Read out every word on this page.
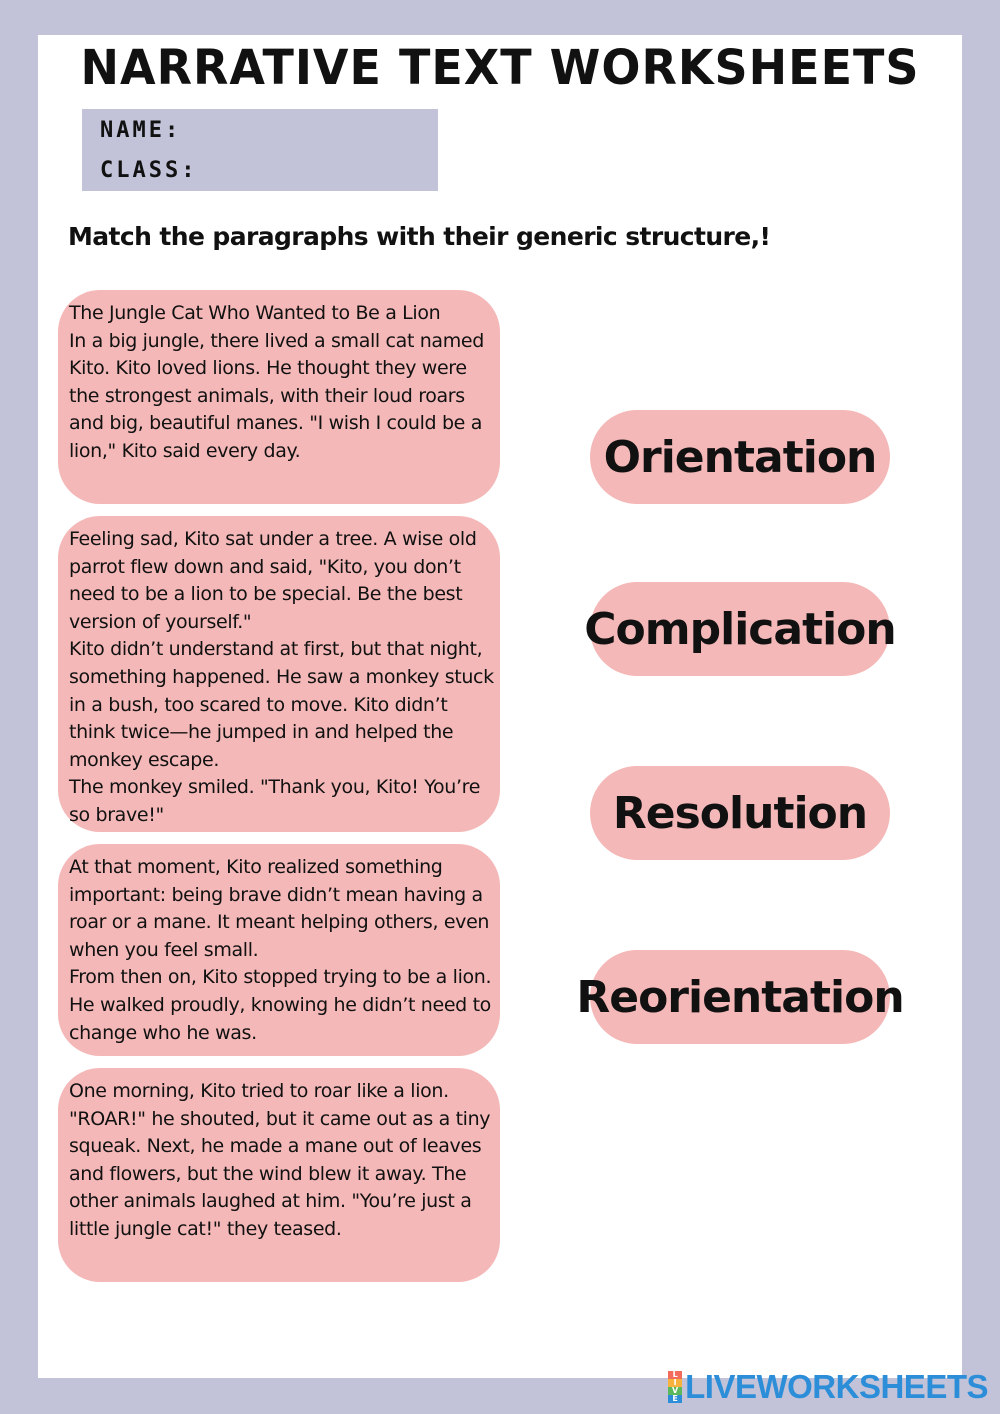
NARRATIVE TEXT WORKSHEETS
NAME:
CLASS:
Match the paragraphs with their generic structure,!
The Jungle Cat Who Wanted to Be a Lion
In a big jungle, there lived a small cat named Kito. Kito loved lions. He thought they were the strongest animals, with their loud roars and big, beautiful manes. "I wish I could be a lion," Kito said every day.
Feeling sad, Kito sat under a tree. A wise old parrot flew down and said, "Kito, you don’t need to be a lion to be special. Be the best version of yourself."
Kito didn’t understand at first, but that night, something happened. He saw a monkey stuck in a bush, too scared to move. Kito didn’t think twice—he jumped in and helped the monkey escape.
The monkey smiled. "Thank you, Kito! You’re so brave!"
At that moment, Kito realized something important: being brave didn’t mean having a roar or a mane. It meant helping others, even when you feel small.
From then on, Kito stopped trying to be a lion. He walked proudly, knowing he didn’t need to change who he was.
One morning, Kito tried to roar like a lion. "ROAR!" he shouted, but it came out as a tiny squeak. Next, he made a mane out of leaves and flowers, but the wind blew it away. The other animals laughed at him. "You’re just a little jungle cat!" they teased.
Orientation
Complication
Resolution
Reorientation
L
I
V
E LIVEWORKSHEETS
